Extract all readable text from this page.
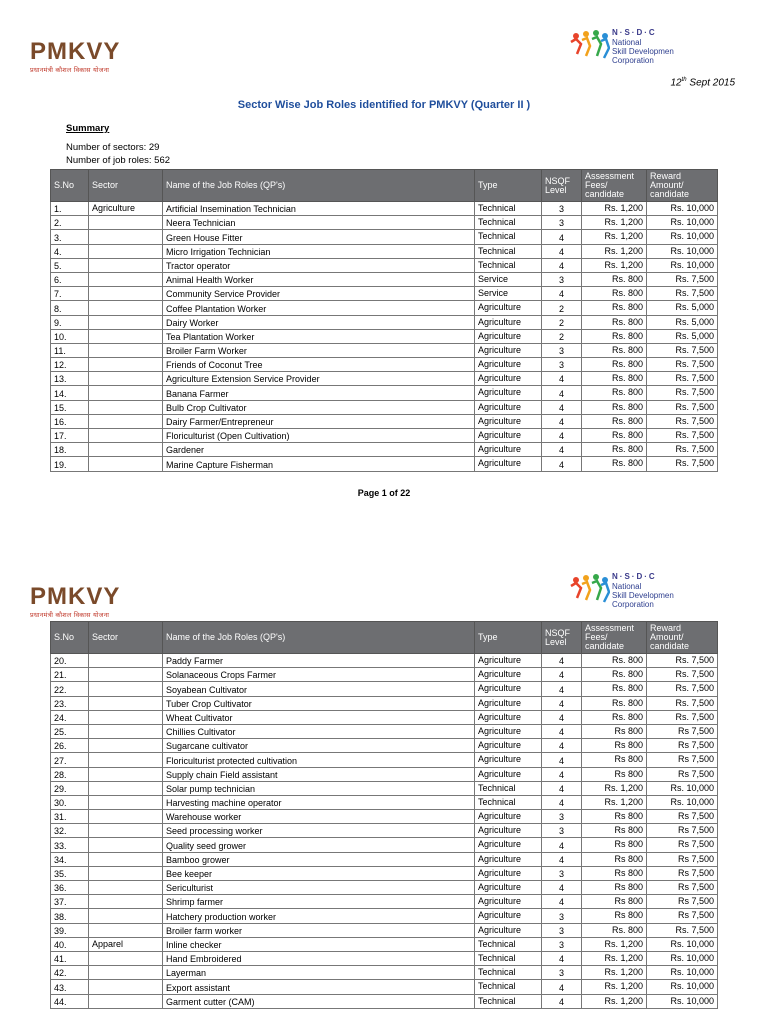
PMKVY
प्रधानमंत्री कौशल विकास योजना
N·S·D·C
National
Skill Developmen
Corporation
12th Sept 2015
Sector Wise Job Roles identified for PMKVY (Quarter II )
Summary
Number of sectors: 29
Number of job roles: 562
S.No	Sector	Name of the Job Roles (QP's)	Type	NSQF Level	Assessment Fees/ candidate	Reward Amount/ candidate
1.	Agriculture	Artificial Insemination Technician	Technical	3	Rs. 1,200	Rs. 10,000
2.		Neera Technician	Technical	3	Rs. 1,200	Rs. 10,000
3.		Green House Fitter	Technical	4	Rs. 1,200	Rs. 10,000
4.		Micro Irrigation Technician	Technical	4	Rs. 1,200	Rs. 10,000
5.		Tractor operator	Technical	4	Rs. 1,200	Rs. 10,000
6.		Animal Health Worker	Service	3	Rs. 800	Rs. 7,500
7.		Community Service Provider	Service	4	Rs. 800	Rs. 7,500
8.		Coffee Plantation Worker	Agriculture	2	Rs. 800	Rs. 5,000
9.		Dairy Worker	Agriculture	2	Rs. 800	Rs. 5,000
10.		Tea Plantation Worker	Agriculture	2	Rs. 800	Rs. 5,000
11.		Broiler Farm Worker	Agriculture	3	Rs. 800	Rs. 7,500
12.		Friends of Coconut Tree	Agriculture	3	Rs. 800	Rs. 7,500
13.		Agriculture Extension Service Provider	Agriculture	4	Rs. 800	Rs. 7,500
14.		Banana Farmer	Agriculture	4	Rs. 800	Rs. 7,500
15.		Bulb Crop Cultivator	Agriculture	4	Rs. 800	Rs. 7,500
16.		Dairy Farmer/Entrepreneur	Agriculture	4	Rs. 800	Rs. 7,500
17.		Floriculturist (Open Cultivation)	Agriculture	4	Rs. 800	Rs. 7,500
18.		Gardener	Agriculture	4	Rs. 800	Rs. 7,500
19.		Marine Capture Fisherman	Agriculture	4	Rs. 800	Rs. 7,500
Page 1 of 22
PMKVY
प्रधानमंत्री कौशल विकास योजना
N·S·D·C
National
Skill Developmen
Corporation
S.No	Sector	Name of the Job Roles (QP's)	Type	NSQF Level	Assessment Fees/ candidate	Reward Amount/ candidate
20.		Paddy Farmer	Agriculture	4	Rs. 800	Rs. 7,500
21.		Solanaceous Crops Farmer	Agriculture	4	Rs. 800	Rs. 7,500
22.		Soyabean Cultivator	Agriculture	4	Rs. 800	Rs. 7,500
23.		Tuber Crop Cultivator	Agriculture	4	Rs. 800	Rs. 7,500
24.		Wheat Cultivator	Agriculture	4	Rs. 800	Rs. 7,500
25.		Chillies Cultivator	Agriculture	4	Rs 800	Rs 7,500
26.		Sugarcane cultivator	Agriculture	4	Rs 800	Rs 7,500
27.		Floriculturist protected cultivation	Agriculture	4	Rs 800	Rs 7,500
28.		Supply chain Field assistant	Agriculture	4	Rs 800	Rs 7,500
29.		Solar pump technician	Technical	4	Rs. 1,200	Rs. 10,000
30.		Harvesting machine operator	Technical	4	Rs. 1,200	Rs. 10,000
31.		Warehouse worker	Agriculture	3	Rs 800	Rs 7,500
32.		Seed processing worker	Agriculture	3	Rs 800	Rs 7,500
33.		Quality seed grower	Agriculture	4	Rs 800	Rs 7,500
34.		Bamboo grower	Agriculture	4	Rs 800	Rs 7,500
35.		Bee keeper	Agriculture	3	Rs 800	Rs 7,500
36.		Sericulturist	Agriculture	4	Rs 800	Rs 7,500
37.		Shrimp farmer	Agriculture	4	Rs 800	Rs 7,500
38.		Hatchery production worker	Agriculture	3	Rs 800	Rs 7,500
39.		Broiler farm worker	Agriculture	3	Rs. 800	Rs. 7,500
40.	Apparel	Inline checker	Technical	3	Rs. 1,200	Rs. 10,000
41.		Hand Embroidered	Technical	4	Rs. 1,200	Rs. 10,000
42.		Layerman	Technical	3	Rs. 1,200	Rs. 10,000
43.		Export assistant	Technical	4	Rs. 1,200	Rs. 10,000
44.		Garment cutter (CAM)	Technical	4	Rs. 1,200	Rs. 10,000
